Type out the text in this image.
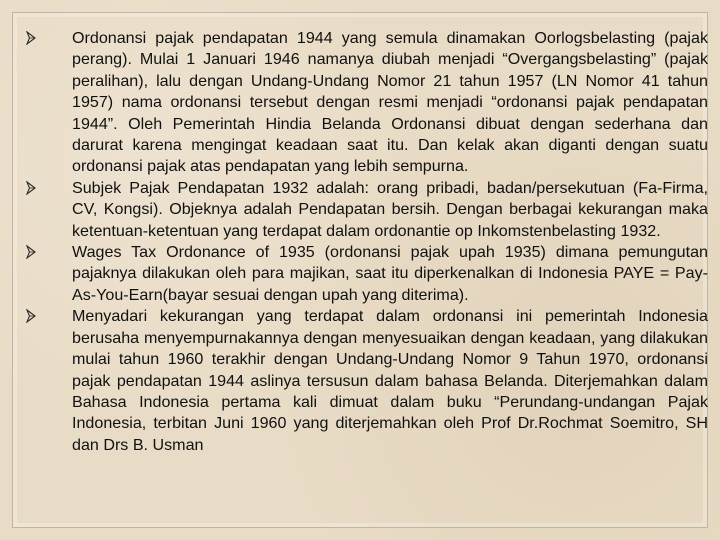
Ordonansi pajak pendapatan 1944 yang semula dinamakan Oorlogsbelasting (pajak perang). Mulai 1 Januari 1946 namanya diubah menjadi “Overgangsbelasting” (pajak peralihan), lalu dengan Undang-Undang Nomor 21 tahun 1957 (LN Nomor 41 tahun 1957) nama ordonansi tersebut dengan resmi menjadi “ordonansi pajak pendapatan 1944”. Oleh Pemerintah Hindia Belanda Ordonansi dibuat dengan sederhana dan darurat karena mengingat keadaan saat itu. Dan kelak akan diganti dengan suatu ordonansi pajak atas pendapatan yang lebih sempurna.
Subjek Pajak Pendapatan 1932 adalah: orang pribadi, badan/persekutuan (Fa-Firma, CV, Kongsi). Objeknya adalah Pendapatan bersih. Dengan berbagai kekurangan maka ketentuan-ketentuan yang terdapat dalam ordonantie op Inkomstenbelasting 1932.
Wages Tax Ordonance of 1935 (ordonansi pajak upah 1935) dimana pemungutan pajaknya dilakukan oleh para majikan, saat itu diperkenalkan di Indonesia PAYE = Pay-As-You-Earn(bayar sesuai dengan upah yang diterima).
Menyadari kekurangan yang terdapat dalam ordonansi ini pemerintah Indonesia berusaha menyempurnakannya dengan menyesuaikan dengan keadaan, yang dilakukan mulai tahun 1960 terakhir dengan Undang-Undang Nomor 9 Tahun 1970, ordonansi pajak pendapatan 1944 aslinya tersusun dalam bahasa Belanda. Diterjemahkan dalam Bahasa Indonesia pertama kali dimuat dalam buku “Perundang-undangan Pajak Indonesia, terbitan Juni 1960 yang diterjemahkan oleh Prof Dr.Rochmat Soemitro, SH dan Drs B. Usman
